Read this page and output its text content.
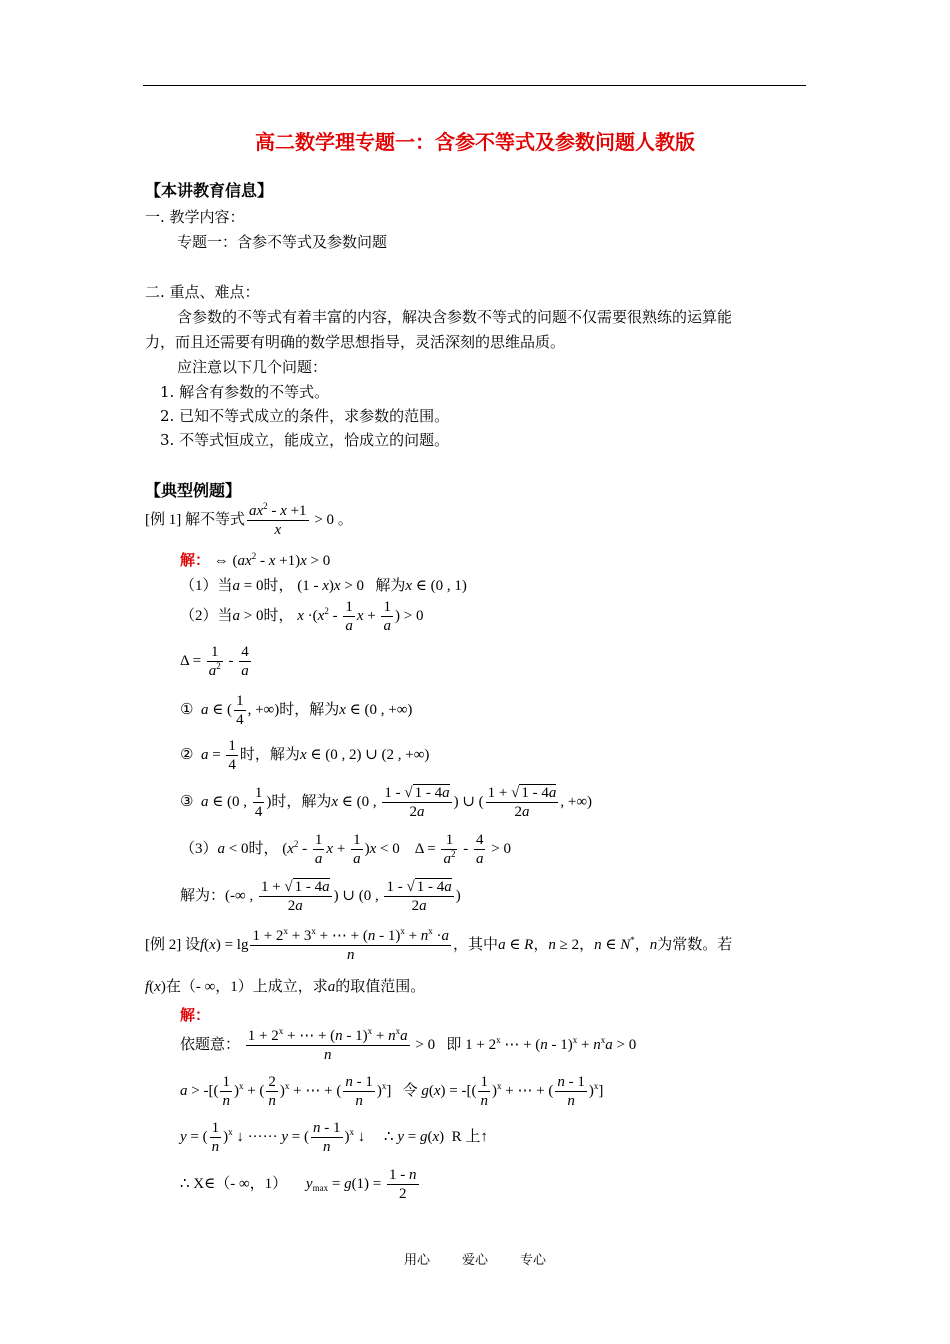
高二数学理专题一：含参不等式及参数问题人教版
【本讲教育信息】
一. 教学内容：
专题一：含参不等式及参数问题
二. 重点、难点：
含参数的不等式有着丰富的内容，解决含参数不等式的问题不仅需要很熟练的运算能
力，而且还需要有明确的数学思想指导，灵活深刻的思维品质。
应注意以下几个问题：
1. 解含有参数的不等式。
2. 已知不等式成立的条件，求参数的范围。
3. 不等式恒成立，能成立，恰成立的问题。
【典型例题】
[例 1] 解不等式 $\frac{ax^2 - x +1}{x} > 0$ 。
解： ⇔ $(ax^2 - x +1)x > 0$
（1）当a = 0时， (1 - x)x > 0   解为x ∈ (0 , 1)
（2）当a > 0时， $x \cdot(x^2 - \frac{1}{a}$ $x + \frac{1}{a}$ ) > 0
$\Delta = \frac{1}{a^2} - \frac{4}{a}$
①  a ∈ ( $\frac{1}{4}$ , +∞)时，解为x ∈ (0 , +∞)
②  $a = \frac{1}{4}$ 时，解为x ∈ (0 , 2) ∪ (2 , +∞)
③  a ∈ (0 , $\frac{1}{4}$ )时，解为x ∈ (0 , $\frac{1 - √ 1 - 4a}{2a}$ ) ∪ ( $\frac{1 + √ 1 - 4a}{2a}$ , +∞)
（3）a < 0时， ($x^2 - \frac{1}{a}$ $x + \frac{1}{a} )x < 0$    $\Delta = \frac{1}{a^2} - \frac{4}{a} > 0$
解为：(-∞ , $\frac{1 + √ 1 - 4a}{2a}$ ) ∪ (0 , $\frac{1 - √ 1 - 4a}{2a}$ )
[例 2] 设$f(x) = \lg \frac{1 + 2^x + 3^x + \cdots + (n - 1)^x + n^x \cdot a}{n}$ ，其中a ∈ R，n ≥ 2，n ∈ N*，n为常数。若
f(x)在（- ∞，1）上成立，求a的取值范围。
解：
依题意： $\frac{1 + 2^x + \cdots + (n - 1)^x + n^xa}{n} > 0$   即 $1 + 2^x$ ⋯ + $(n - 1)^x + n^xa > 0$
a > -[( $\frac{1}{n} )^x$ + ( $\frac{2}{n} )^x$ + ⋯ + ( $\frac{n - 1}{n} )^x$]   令 g(x) = -[( $\frac{1}{n} )^x$ + ⋯ + ( $\frac{n - 1}{n} )^x$]
y = ( $\frac{1}{n} )^x$ ↓ ······ y = ( $\frac{n - 1}{n} )^x$ ↓     ∴ y = g(x)  R 上↑
∴ X∈（- ∞，1） $y_{max} = g(1) = \frac{1 - n}{2}$
用心 爱心 专心
